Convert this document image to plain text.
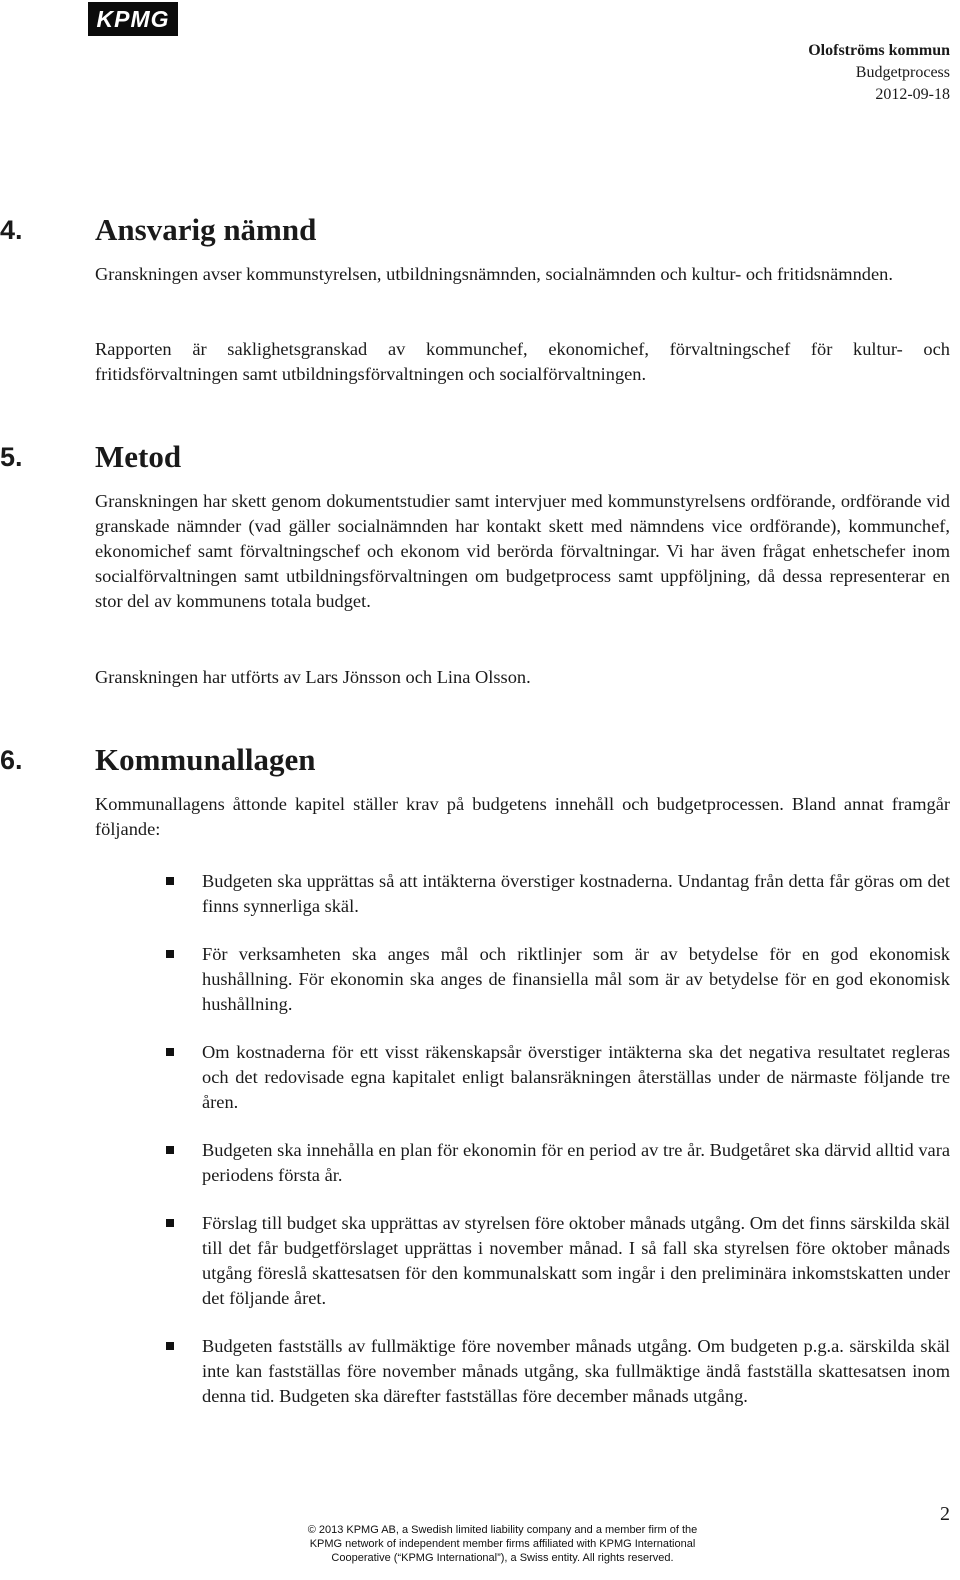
KPMG
Olofströms kommun
Budgetprocess
2012-09-18
4.	Ansvarig nämnd

Granskningen avser kommunstyrelsen, utbildningsnämnden, socialnämnden och kultur- och fritidsnämnden.

Rapporten är saklighetsgranskad av kommunchef, ekonomichef, förvaltningschef för kultur- och fritidsförvaltningen samt utbildningsförvaltningen och socialförvaltningen.

5.	Metod

Granskningen har skett genom dokumentstudier samt intervjuer med kommunstyrelsens ordförande, ordförande vid granskade nämnder (vad gäller socialnämnden har kontakt skett med nämndens vice ordförande), kommunchef, ekonomichef samt förvaltningschef och ekonom vid berörda förvaltningar. Vi har även frågat enhetschefer inom socialförvaltningen samt utbildningsförvaltningen om budgetprocess samt uppföljning, då dessa representerar en stor del av kommunens totala budget.

Granskningen har utförts av Lars Jönsson och Lina Olsson.

6.	Kommunallagen

Kommunallagens åttonde kapitel ställer krav på budgetens innehåll och budgetprocessen. Bland annat framgår följande:

Budgeten ska upprättas så att intäkterna överstiger kostnaderna. Undantag från detta får göras om det finns synnerliga skäl.
För verksamheten ska anges mål och riktlinjer som är av betydelse för en god ekonomisk hushållning. För ekonomin ska anges de finansiella mål som är av betydelse för en god ekonomisk hushållning.
Om kostnaderna för ett visst räkenskapsår överstiger intäkterna ska det negativa resultatet regleras och det redovisade egna kapitalet enligt balansräkningen återställas under de närmaste följande tre åren.
Budgeten ska innehålla en plan för ekonomin för en period av tre år. Budgetåret ska därvid alltid vara periodens första år.
Förslag till budget ska upprättas av styrelsen före oktober månads utgång. Om det finns särskilda skäl till det får budgetförslaget upprättas i november månad. I så fall ska styrelsen före oktober månads utgång föreslå skattesatsen för den kommunalskatt som ingår i den preliminära inkomstskatten under det följande året.
Budgeten fastställs av fullmäktige före november månads utgång. Om budgeten p.g.a. särskilda skäl inte kan fastställas före november månads utgång, ska fullmäktige ändå fastställa skattesatsen inom denna tid. Budgeten ska därefter fastställas före december månads utgång.
2
© 2013 KPMG AB, a Swedish limited liability company and a member firm of the
KPMG network of independent member firms affiliated with KPMG International
Cooperative (“KPMG International”), a Swiss entity. All rights reserved.
